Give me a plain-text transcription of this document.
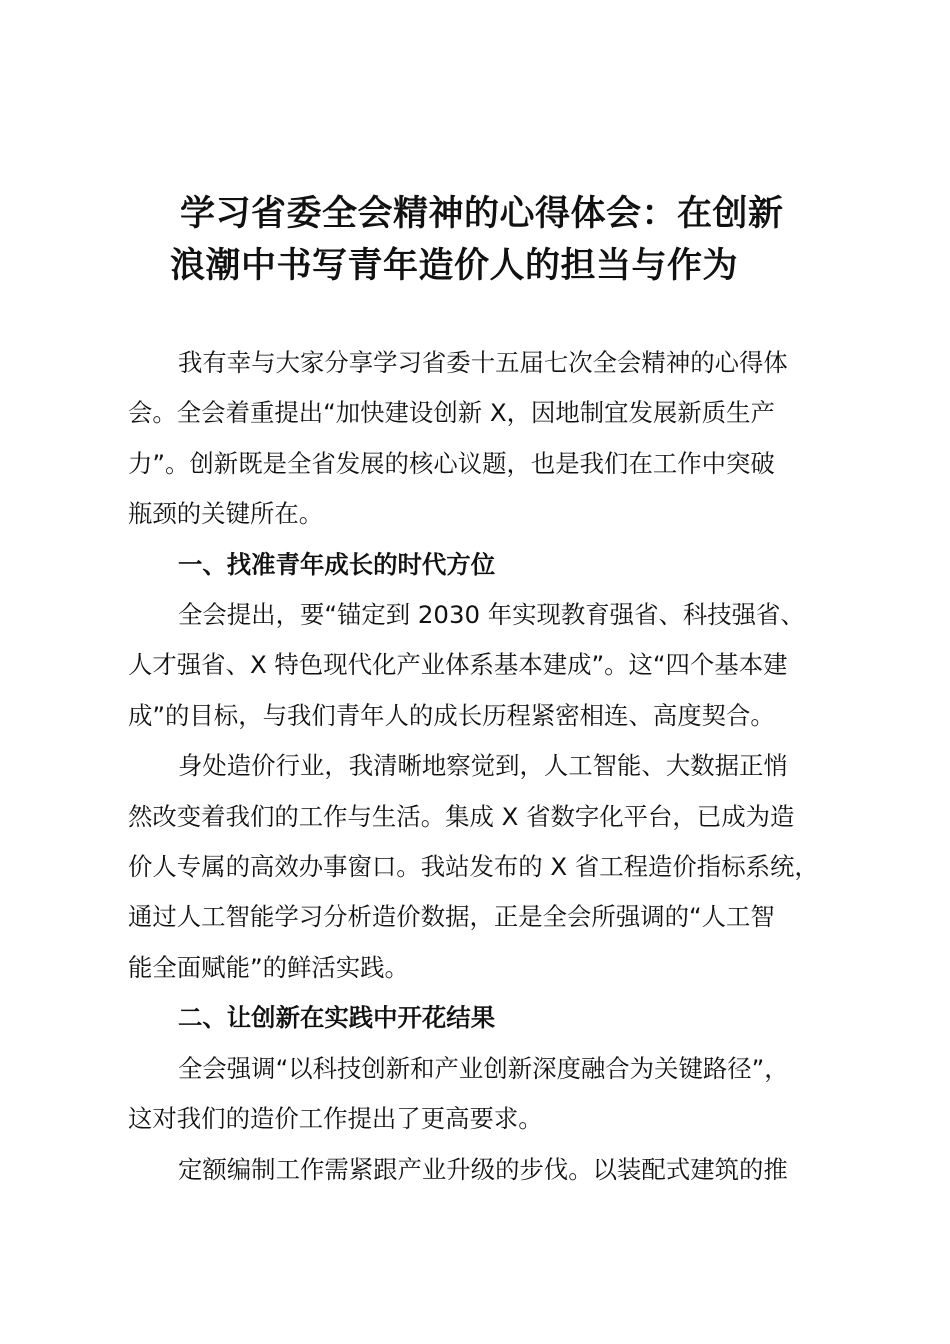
学习省委全会精神的心得体会：在创新
浪潮中书写青年造价人的担当与作为

我有幸与大家分享学习省委十五届七次全会精神的心得体
会。全会着重提出“加快建设创新 X，因地制宜发展新质生产
力”。创新既是全省发展的核心议题，也是我们在工作中突破
瓶颈的关键所在。

一、找准青年成长的时代方位

全会提出，要“锚定到 2030 年实现教育强省、科技强省、
人才强省、X 特色现代化产业体系基本建成”。这“四个基本建
成”的目标，与我们青年人的成长历程紧密相连、高度契合。

身处造价行业，我清晰地察觉到，人工智能、大数据正悄
然改变着我们的工作与生活。集成 X 省数字化平台，已成为造
价人专属的高效办事窗口。我站发布的 X 省工程造价指标系统，
通过人工智能学习分析造价数据，正是全会所强调的“人工智
能全面赋能”的鲜活实践。

二、让创新在实践中开花结果

全会强调“以科技创新和产业创新深度融合为关键路径”，
这对我们的造价工作提出了更高要求。

定额编制工作需紧跟产业升级的步伐。以装配式建筑的推
